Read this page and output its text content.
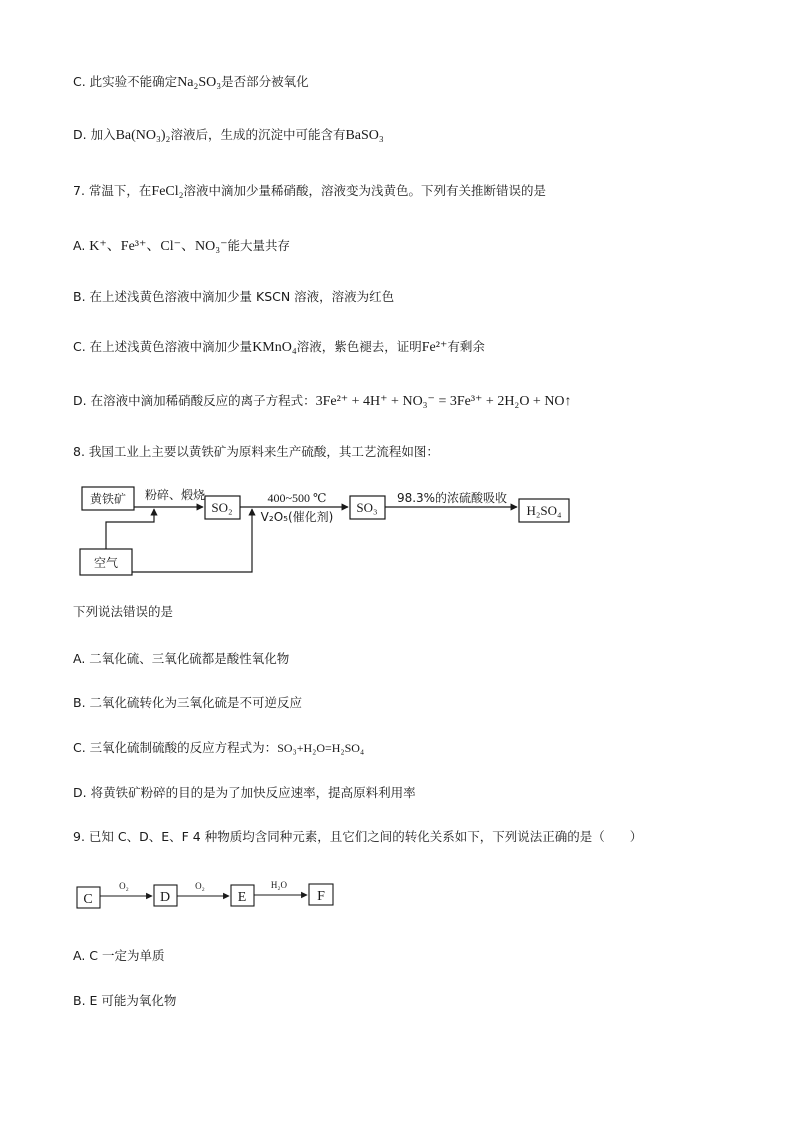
C. 此实验不能确定Na₂SO₃是否部分被氧化
D. 加入Ba(NO₃)₂溶液后，生成的沉淀中可能含有BaSO₃
7. 常温下，在FeCl₂溶液中滴加少量稀硝酸，溶液变为浅黄色。下列有关推断错误的是
A. K⁺、Fe³⁺、Cl⁻、NO₃⁻能大量共存
B. 在上述浅黄色溶液中滴加少量 KSCN 溶液，溶液为红色
C. 在上述浅黄色溶液中滴加少量KMnO₄溶液，紫色褪去，证明Fe²⁺有剩余
D. 在溶液中滴加稀硝酸反应的离子方程式：3Fe²⁺ + 4H⁺ + NO₃⁻ = 3Fe³⁺ + 2H₂O + NO↑
8. 我国工业上主要以黄铁矿为原料来生产硫酸，其工艺流程如图：
黄铁矿 粉碎、煅烧
SO₂
400~500 ℃
V₂O₅(催化剂)
SO₃
98.3%的浓硫酸吸收
H₂SO₄
空气
下列说法错误的是
A. 二氧化硫、三氧化硫都是酸性氧化物
B. 二氧化硫转化为三氧化硫是不可逆反应
C. 三氧化硫制硫酸的反应方程式为：SO₃+H₂O=H₂SO₄
D. 将黄铁矿粉碎的目的是为了加快反应速率，提高原料利用率
9. 已知 C、D、E、F 4 种物质均含同种元素，且它们之间的转化关系如下，下列说法正确的是（　　）
C	D	E	F
O₂	O₂	H₂O
A. C 一定为单质
B. E 可能为氧化物
